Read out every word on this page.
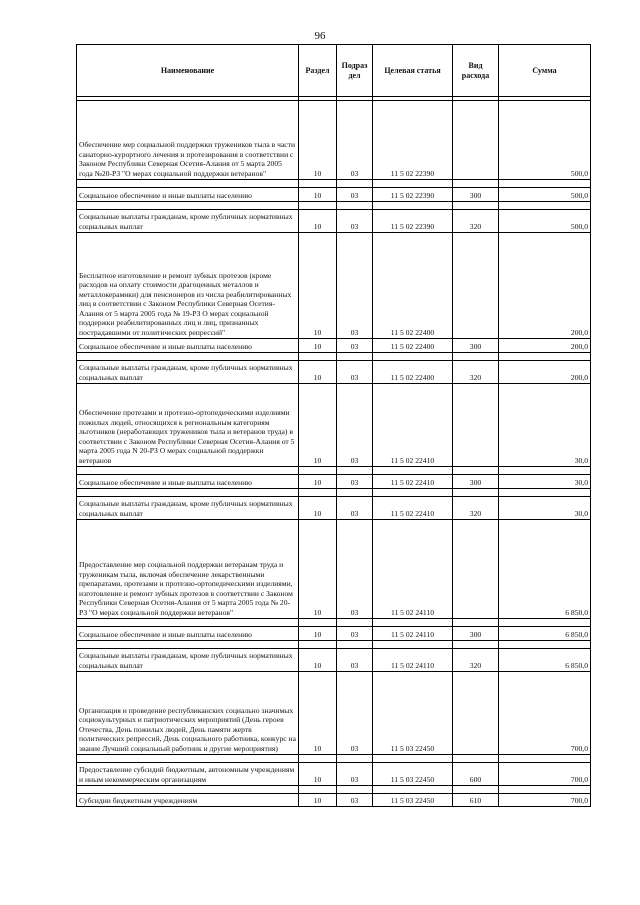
96
Наименование	Раздел	Подраз дел	Целевая статья	Вид расхода	Сумма

Обеспечение мер социальной поддержки тружеников тыла в части санаторно-курортного лечения и протезирования в соответствии с Законом Республики Северная Осетия-Алания от 5 марта 2005 года №20-РЗ "О мерах социальной поддержки ветеранов"	10	03	11 5 02 22390		500,0

Социальное обеспечение и иные выплаты населению	10	03	11 5 02 22390	300	500,0

Социальные выплаты гражданам, кроме публичных нормативных социальных выплат	10	03	11 5 02 22390	320	500,0
Бесплатное изготовление и ремонт зубных протезов (кроме расходов на оплату стоимости драгоценных металлов и металлокерамики) для пенсионеров из числа реабилитированных лиц в соответствии с Законом Республики Северная Осетия-Алания от 5 марта 2005 года № 19-РЗ О мерах социальной поддержки реабилитированных лиц и лиц, признанных пострадавшими от политических репрессий"	10	03	11 5 02 22400		200,0
Социальное обеспечение и иные выплаты населению	10	03	11 5 02 22400	300	200,0

Социальные выплаты гражданам, кроме публичных нормативных социальных выплат	10	03	11 5 02 22400	320	200,0
Обеспечение протезами и протезно-ортопедическими изделиями пожилых людей, относящихся к региональным категориям льготников (неработающих тружеников тыла и ветеранов труда) в соответствии с Законом Республики Северная Осетия-Алания от 5 марта 2005 года N 20-РЗ О мерах социальной поддержки ветеранов	10	03	11 5 02 22410		30,0

Социальное обеспечение и иные выплаты населению	10	03	11 5 02 22410	300	30,0

Социальные выплаты гражданам, кроме публичных нормативных социальных выплат	10	03	11 5 02 22410	320	30,0
Предоставление мер социальной поддержки ветеранам труда и труженикам тыла, включая обеспечение лекарственными препаратами, протезами и протезно-ортопедическими изделиями, изготовление и ремонт зубных протезов в соответствии с Законом Республики Северная Осетия-Алания от 5 марта 2005 года № 20-РЗ "О мерах социальной поддержки ветеранов"	10	03	11 5 02 24110		6 850,0

Социальное обеспечение и иные выплаты населению	10	03	11 5 02 24110	300	6 850,0

Социальные выплаты гражданам, кроме публичных нормативных социальных выплат	10	03	11 5 02 24110	320	6 850,0
Организация и проведение республиканских социально значимых социокультурных и патриотических мероприятий (День героев Отечества, День пожилых людей, День памяти жертв политических репрессий, День социального работника, конкурс на звание Лучший социальный работник и другие мероприятия)	10	03	11 5 03 22450		700,0

Предоставление субсидий бюджетным, автономным учреждениям и иным некоммерческим организациям	10	03	11 5 03 22450	600	700,0

Субсидии бюджетным учреждениям	10	03	11 5 03 22450	610	700,0
